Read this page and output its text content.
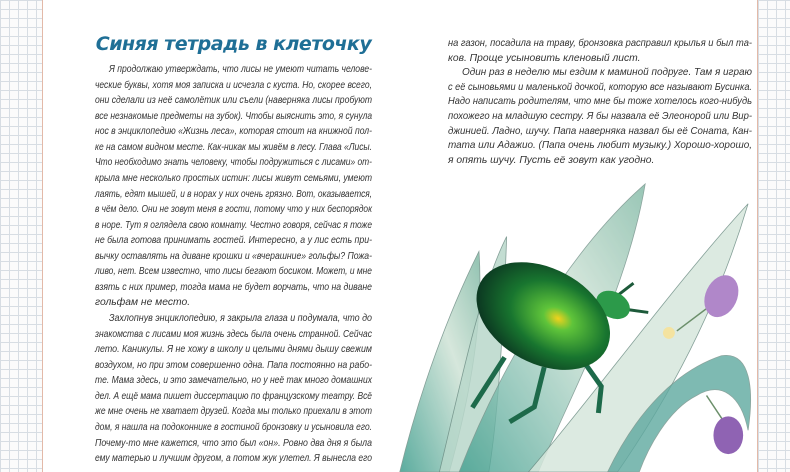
Синяя тетрадь в клеточку
Я продолжаю утверждать, что лисы не умеют читать челове-
ческие буквы, хотя моя записка и исчезла с куста. Но, скорее всего,
они сделали из неё самолётик или съели (наверняка лисы пробуют
все незнакомые предметы на зубок). Чтобы выяснить это, я сунула
нос в энциклопедию «Жизнь леса», которая стоит на книжной пол-
ке на самом видном месте. Как-никак мы живём в лесу. Глава «Лисы.
Что необходимо знать человеку, чтобы подружиться с лисами» от-
крыла мне несколько простых истин: лисы живут семьями, умеют
лаять, едят мышей, и в норах у них очень грязно. Вот, оказывается,
в чём дело. Они не зовут меня в гости, потому что у них беспорядок
в норе. Тут я оглядела свою комнату. Честно говоря, сейчас я тоже
не была готова принимать гостей. Интересно, а у лис есть при-
вычку оставлять на диване крошки и «вчерашние» гольфы? Пожа-
ливо, нет. Всем известно, что лисы бегают босиком. Может, и мне
взять с них пример, тогда мама не будет ворчать, что на диване
гольфам не место.
Захлопнув энциклопедию, я закрыла глаза и подумала, что до
знакомства с лисами моя жизнь здесь была очень странной. Сейчас
лето. Каникулы. Я не хожу в школу и целыми днями дышу свежим
воздухом, но при этом совершенно одна. Папа постоянно на рабо-
те. Мама здесь, и это замечательно, но у неё так много домашних
дел. А ещё мама пишет диссертацию по французскому театру. Всё
же мне очень не хватает друзей. Когда мы только приехали в этот
дом, я нашла на подоконнике в гостиной бронзовку и усыновила его.
Почему-то мне кажется, что это был «он». Ровно два дня я была
ему матерью и лучшим другом, а потом жук улетел. Я вынесла его
на газон, посадила на траву, бронзовка расправил крылья и был та-
ков. Проще усыновить кленовый лист.
Один раз в неделю мы ездим к маминой подруге. Там я играю
с её сыновьями и маленькой дочкой, которую все называют Бусинка.
Надо написать родителям, что мне бы тоже хотелось кого-нибудь
похожего на младшую сестру. Я бы назвала её Элеонорой или Вир-
джинией. Ладно, шучу. Папа наверняка назвал бы её Соната, Кан-
тата или Адажио. (Папа очень любит музыку.) Хорошо-хорошо,
я опять шучу. Пусть её зовут как угодно.
